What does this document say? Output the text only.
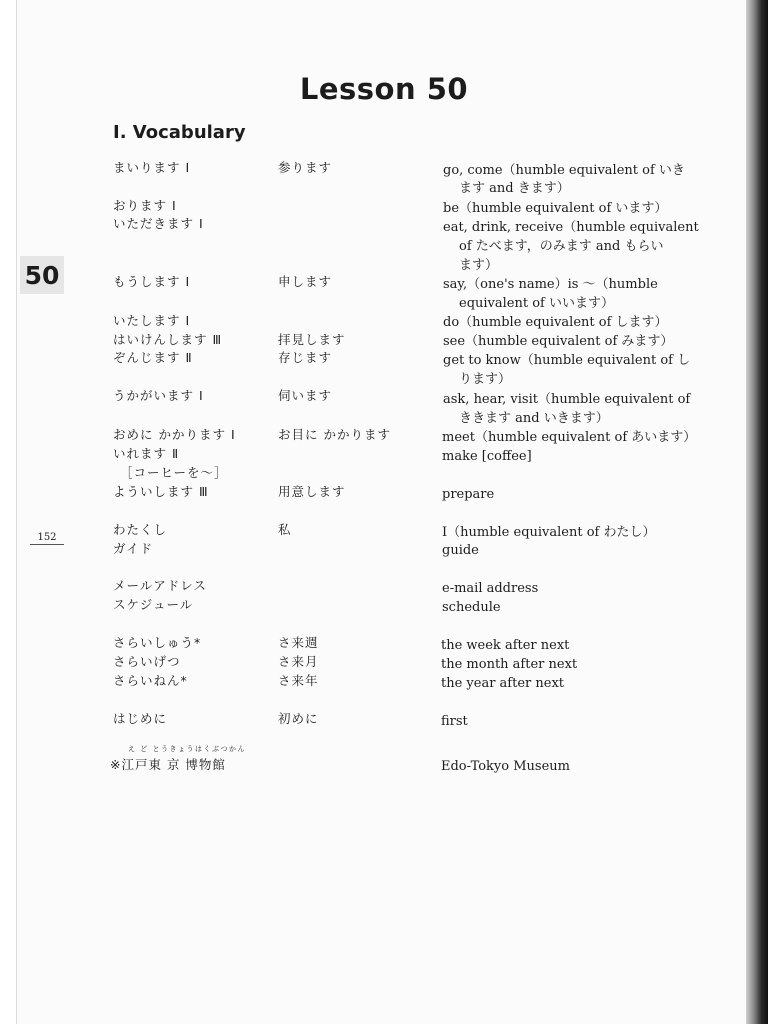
Lesson 50
I. Vocabulary
50
152
まいります I
おります I
いただきます I
もうします I
いたします I
はいけんします Ⅲ
ぞんじます Ⅱ
うかがいます I
おめに かかります I
いれます Ⅱ
［コーヒーを～］
よういします Ⅲ
わたくし
ガイド
メールアドレス
スケジュール
さらいしゅう*
さらいげつ
さらいねん*
はじめに
え ど とうきょうはくぶつかん
※江戸東 京 博物館
参ります
申します
拝見します
存じます
伺います
お目に かかります
用意します
私
さ来週
さ来月
さ来年
初めに
go, come（humble equivalent of いき
ます and きます）
be（humble equivalent of います）
eat, drink, receive（humble equivalent
of たべます，のみます and もらい
ます）
say,（one's name）is ～（humble
equivalent of いいます）
do（humble equivalent of します）
see（humble equivalent of みます）
get to know（humble equivalent of し
ります）
ask, hear, visit（humble equivalent of
ききます and いきます）
meet（humble equivalent of あいます）
make [coffee]
prepare
I（humble equivalent of わたし）
guide
e-mail address
schedule
the week after next
the month after next
the year after next
first
Edo-Tokyo Museum
